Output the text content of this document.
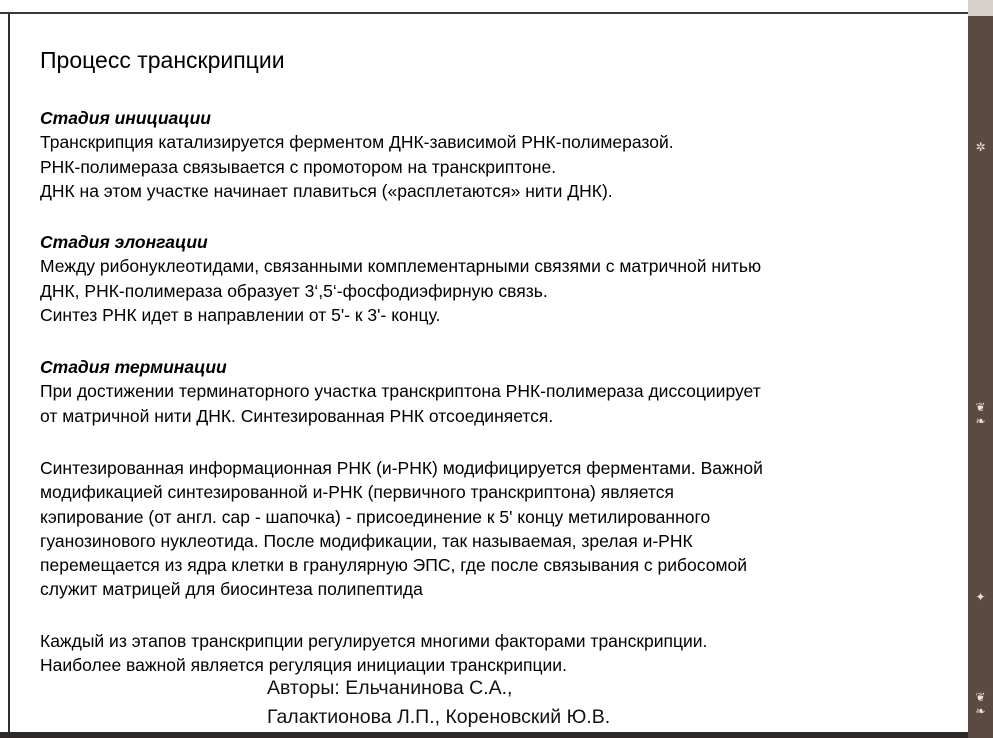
Процесс транскрипции
Стадия инициации
Транскрипция катализируется ферментом ДНК-зависимой РНК-полимеразой.
РНК-полимераза связывается с промотором на транскриптоне.
ДНК на этом участке начинает плавиться («расплетаются» нити ДНК).
Стадия элонгации
Между рибонуклеотидами, связанными комплементарными связями с матричной нитью
ДНК, РНК-полимераза образует 3‘,5‘-фосфодиэфирную связь.
Синтез РНК идет в направлении от 5'- к 3'- концу.
Стадия терминации
При достижении терминаторного участка транскриптона РНК-полимераза диссоциирует
от матричной нити ДНК. Синтезированная РНК отсоединяется.
Синтезированная информационная РНК (и-РНК) модифицируется ферментами. Важной
модификацией синтезированной и-РНК (первичного транскриптона) является
кэпирование (от англ. cap - шапочка) - присоединение к 5' концу метилированного
гуанозинового нуклеотида. После модификации, так называемая, зрелая и-РНК
перемещается из ядра клетки в гранулярную ЭПС, где после связывания с рибосомой
служит матрицей для биосинтеза полипептида
Каждый из этапов транскрипции регулируется многими факторами транскрипции.
Наиболее важной является регуляция инициации транскрипции.
Авторы: Ельчанинова С.А.,
Галактионова Л.П., Кореновский Ю.В.
✲
❦
❧
✦
❦
❧
